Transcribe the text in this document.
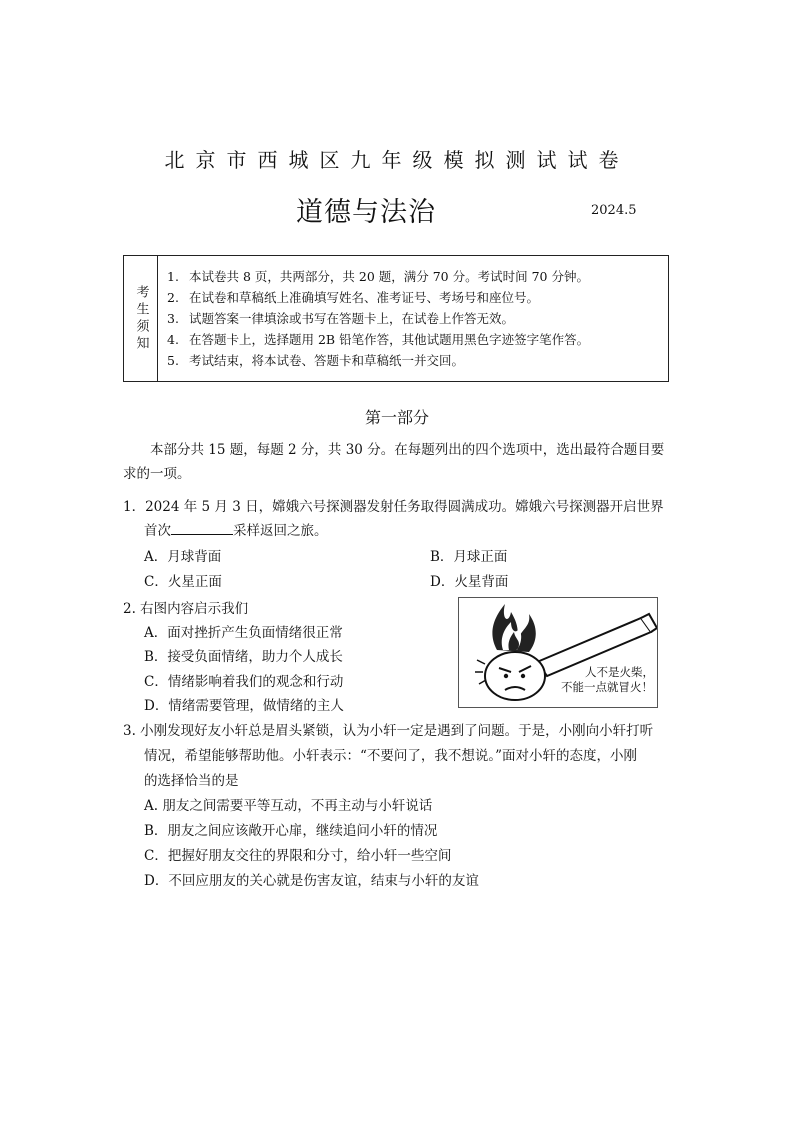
北京市西城区九年级模拟测试试卷
道德与法治	2024.5
考生须知
1. 本试卷共 8 页，共两部分，共 20 题，满分 70 分。考试时间 70 分钟。
2. 在试卷和草稿纸上准确填写姓名、准考证号、考场号和座位号。
3. 试题答案一律填涂或书写在答题卡上，在试卷上作答无效。
4. 在答题卡上，选择题用 2B 铅笔作答，其他试题用黑色字迹签字笔作答。
5. 考试结束，将本试卷、答题卡和草稿纸一并交回。
第一部分
本部分共 15 题，每题 2 分，共 30 分。在每题列出的四个选项中，选出最符合题目要
求的一项。
1．2024 年 5 月 3 日，嫦娥六号探测器发射任务取得圆满成功。嫦娥六号探测器开启世界
首次	采样返回之旅。
A．月球背面	B．月球正面
C．火星正面	D．火星背面
2. 右图内容启示我们
A．面对挫折产生负面情绪很正常
B．接受负面情绪，助力个人成长
C．情绪影响着我们的观念和行动
D．情绪需要管理，做情绪的主人
人不是火柴，
不能一点就冒火！
3. 小刚发现好友小轩总是眉头紧锁，认为小轩一定是遇到了问题。于是，小刚向小轩打听
情况，希望能够帮助他。小轩表示：“不要问了，我不想说。”面对小轩的态度，小刚
的选择恰当的是
A. 朋友之间需要平等互动，不再主动与小轩说话
B．朋友之间应该敞开心扉，继续追问小轩的情况
C．把握好朋友交往的界限和分寸，给小轩一些空间
D．不回应朋友的关心就是伤害友谊，结束与小轩的友谊
